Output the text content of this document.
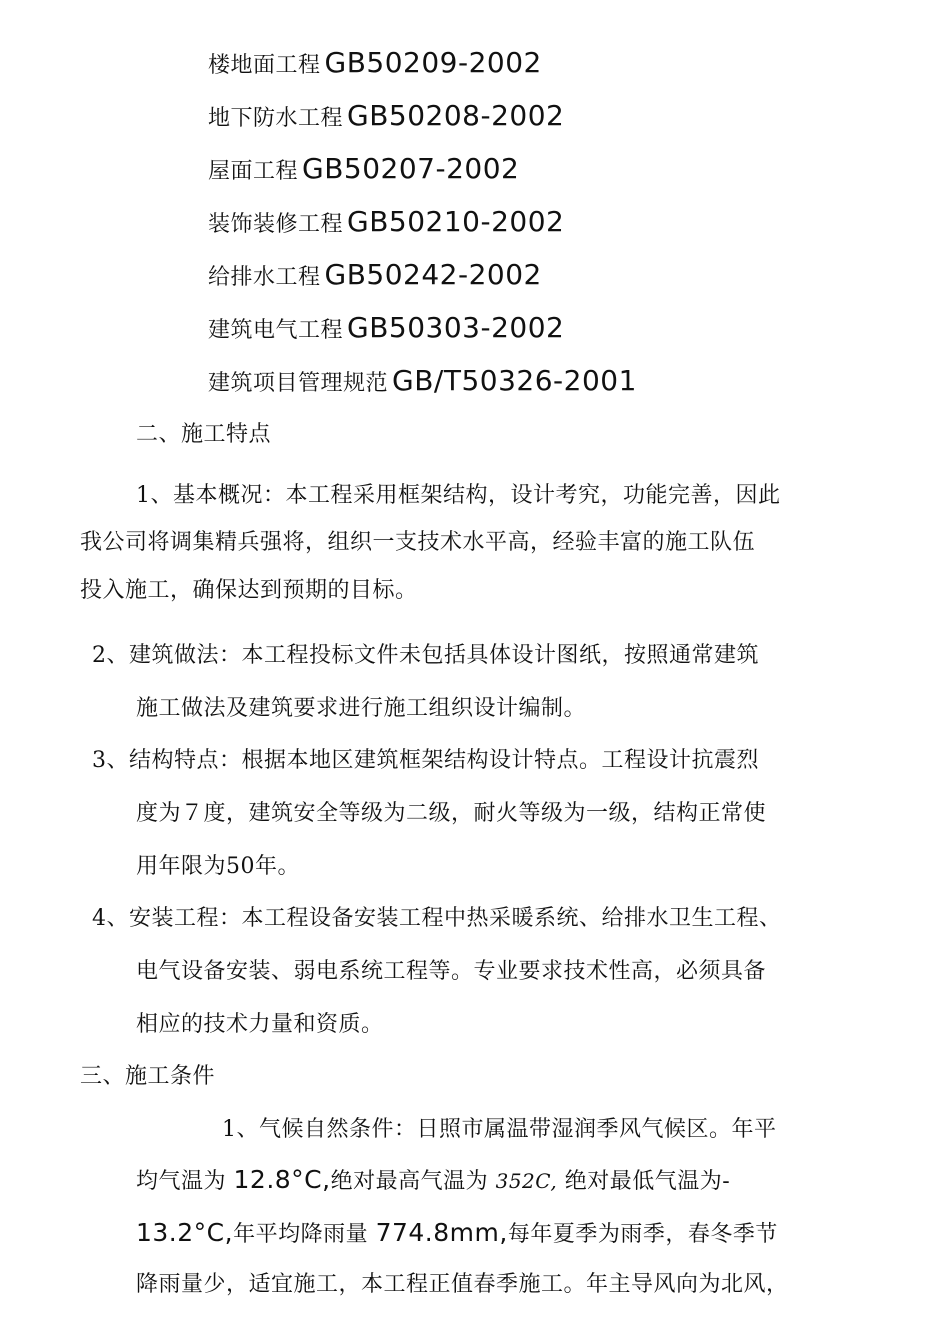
楼地面工程 GB50209-2002
地下防水工程 GB50208-2002
屋面工程 GB50207-2002
装饰装修工程 GB50210-2002
给排水工程 GB50242-2002
建筑电气工程 GB50303-2002
建筑项目管理规范 GB/T50326-2001
二、施工特点
1、基本概况：本工程采用框架结构，设计考究，功能完善，因此
我公司将调集精兵强将，组织一支技术水平高，经验丰富的施工队伍
投入施工，确保达到预期的目标。
2、建筑做法：本工程投标文件未包括具体设计图纸，按照通常建筑
施工做法及建筑要求进行施工组织设计编制。
3、结构特点：根据本地区建筑框架结构设计特点。工程设计抗震烈
度为７度，建筑安全等级为二级，耐火等级为一级，结构正常使
用年限为50年。
4、安装工程：本工程设备安装工程中热采暖系统、给排水卫生工程、
电气设备安装、弱电系统工程等。专业要求技术性高，必须具备
相应的技术力量和资质。
三、施工条件
1、气候自然条件：日照市属温带湿润季风气候区。年平
均气温为 12.8°C,绝对最高气温为 352C, 绝对最低气温为-
13.2°C,年平均降雨量 774.8mm,每年夏季为雨季，春冬季节
降雨量少，适宜施工，本工程正值春季施工。年主导风向为北风，
